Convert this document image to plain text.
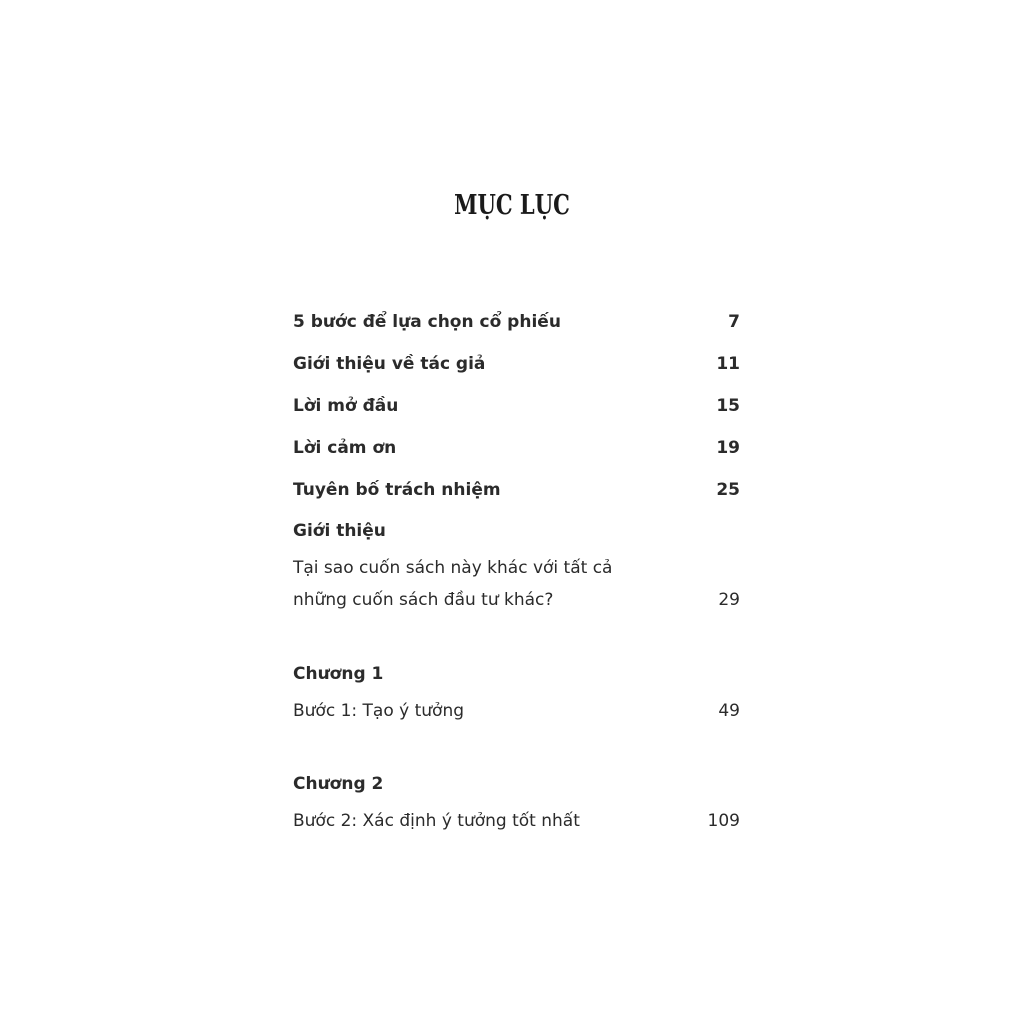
MỤC LỤC
5 bước để lựa chọn cổ phiếu	7
Giới thiệu về tác giả	11
Lời mở đầu	15
Lời cảm ơn	19
Tuyên bố trách nhiệm	25
Giới thiệu
Tại sao cuốn sách này khác với tất cả
những cuốn sách đầu tư khác?	29
Chương 1
Bước 1: Tạo ý tưởng	49
Chương 2
Bước 2: Xác định ý tưởng tốt nhất	109
